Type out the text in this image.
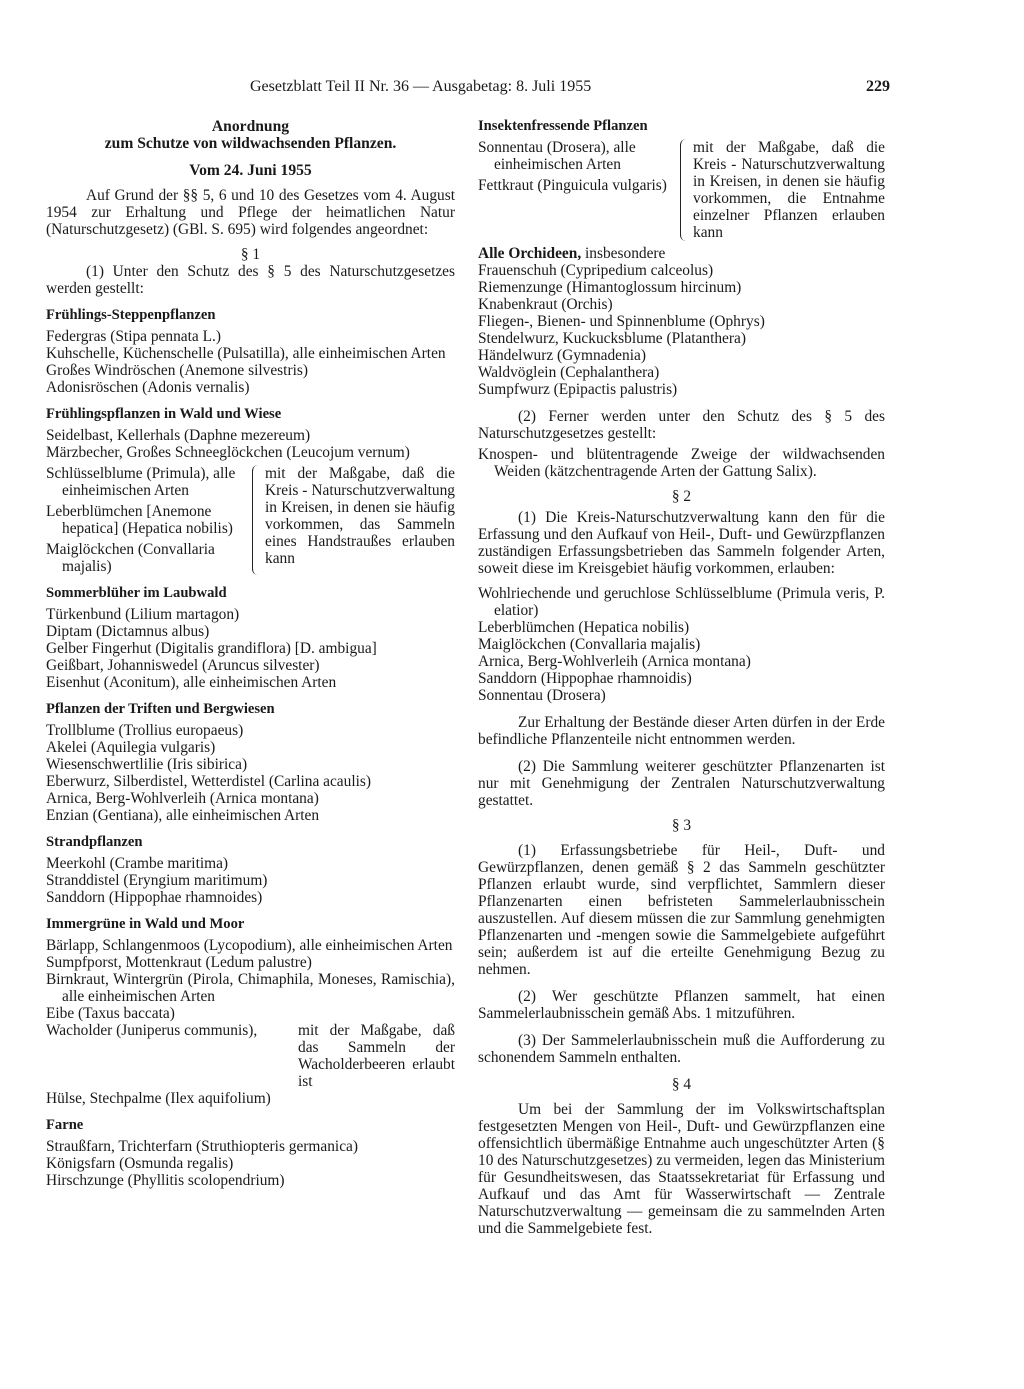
Gesetzblatt Teil II Nr. 36 — Ausgabetag: 8. Juli 1955	229

Anordnung

zum Schutze von wildwachsenden Pflanzen.

Vom 24. Juni 1955

Auf Grund der §§ 5, 6 und 10 des Gesetzes vom 4. August 1954 zur Erhaltung und Pflege der heimatlichen Natur (Naturschutzgesetz) (GBl. S. 695) wird folgendes angeordnet:

§ 1

(1) Unter den Schutz des § 5 des Naturschutzgesetzes werden gestellt:

Frühlings-Steppenpflanzen

Federgras (Stipa pennata L.)

Kuhschelle, Küchenschelle (Pulsatilla), alle einheimischen Arten

Großes Windröschen (Anemone silvestris)

Adonisröschen (Adonis vernalis)

Frühlingspflanzen in Wald und Wiese

Seidelbast, Kellerhals (Daphne mezereum)

Märzbecher, Großes Schneeglöckchen (Leucojum vernum)

Schlüsselblume (Primula), alle einheimischen Arten

Leberblümchen [Anemone hepatica] (Hepatica nobilis)

Maiglöckchen (Convallaria majalis)

mit der Maßgabe, daß die Kreis - Naturschutzverwaltung in Kreisen, in denen sie häufig vorkommen, das Sammeln eines Handstraußes erlauben kann

Sommerblüher im Laubwald

Türkenbund (Lilium martagon)

Diptam (Dictamnus albus)

Gelber Fingerhut (Digitalis grandiflora) [D. ambigua]

Geißbart, Johanniswedel (Aruncus silvester)

Eisenhut (Aconitum), alle einheimischen Arten

Pflanzen der Triften und Bergwiesen

Trollblume (Trollius europaeus)

Akelei (Aquilegia vulgaris)

Wiesenschwertlilie (Iris sibirica)

Eberwurz, Silberdistel, Wetterdistel (Carlina acaulis)

Arnica, Berg-Wohlverleih (Arnica montana)

Enzian (Gentiana), alle einheimischen Arten

Strandpflanzen

Meerkohl (Crambe maritima)

Stranddistel (Eryngium maritimum)

Sanddorn (Hippophae rhamnoides)

Immergrüne in Wald und Moor

Bärlapp, Schlangenmoos (Lycopodium), alle einheimischen Arten

Sumpfporst, Mottenkraut (Ledum palustre)

Birnkraut, Wintergrün (Pirola, Chimaphila, Moneses, Ramischia), alle einheimischen Arten

Eibe (Taxus baccata)

Wacholder (Juniperus communis),	mit der Maßgabe, daß das Sammeln der Wacholderbeeren erlaubt ist

Hülse, Stechpalme (Ilex aquifolium)

Farne

Straußfarn, Trichterfarn (Struthiopteris germanica)

Königsfarn (Osmunda regalis)

Hirschzunge (Phyllitis scolopendrium)

Insektenfressende Pflanzen

Sonnentau (Drosera), alle einheimischen Arten

Fettkraut (Pinguicula vulgaris)

mit der Maßgabe, daß die Kreis - Naturschutzverwaltung in Kreisen, in denen sie häufig vorkommen, die Entnahme einzelner Pflanzen erlauben kann

Alle Orchideen, insbesondere

Frauenschuh (Cypripedium calceolus)

Riemenzunge (Himantoglossum hircinum)

Knabenkraut (Orchis)

Fliegen-, Bienen- und Spinnenblume (Ophrys)

Stendelwurz, Kuckucksblume (Platanthera)

Händelwurz (Gymnadenia)

Waldvöglein (Cephalanthera)

Sumpfwurz (Epipactis palustris)

(2) Ferner werden unter den Schutz des § 5 des Naturschutzgesetzes gestellt:

Knospen- und blütentragende Zweige der wildwachsenden Weiden (kätzchentragende Arten der Gattung Salix).

§ 2

(1) Die Kreis-Naturschutzverwaltung kann den für die Erfassung und den Aufkauf von Heil-, Duft- und Gewürzpflanzen zuständigen Erfassungsbetrieben das Sammeln folgender Arten, soweit diese im Kreisgebiet häufig vorkommen, erlauben:

Wohlriechende und geruchlose Schlüsselblume (Primula veris, P. elatior)

Leberblümchen (Hepatica nobilis)

Maiglöckchen (Convallaria majalis)

Arnica, Berg-Wohlverleih (Arnica montana)

Sanddorn (Hippophae rhamnoidis)

Sonnentau (Drosera)

Zur Erhaltung der Bestände dieser Arten dürfen in der Erde befindliche Pflanzenteile nicht entnommen werden.

(2) Die Sammlung weiterer geschützter Pflanzenarten ist nur mit Genehmigung der Zentralen Naturschutzverwaltung gestattet.

§ 3

(1) Erfassungsbetriebe für Heil-, Duft- und Gewürzpflanzen, denen gemäß § 2 das Sammeln geschützter Pflanzen erlaubt wurde, sind verpflichtet, Sammlern dieser Pflanzenarten einen befristeten Sammelerlaubnisschein auszustellen. Auf diesem müssen die zur Sammlung genehmigten Pflanzenarten und -mengen sowie die Sammelgebiete aufgeführt sein; außerdem ist auf die erteilte Genehmigung Bezug zu nehmen.

(2) Wer geschützte Pflanzen sammelt, hat einen Sammelerlaubnisschein gemäß Abs. 1 mitzuführen.

(3) Der Sammelerlaubnisschein muß die Aufforderung zu schonendem Sammeln enthalten.

§ 4

Um bei der Sammlung der im Volkswirtschaftsplan festgesetzten Mengen von Heil-, Duft- und Gewürzpflanzen eine offensichtlich übermäßige Entnahme auch ungeschützter Arten (§ 10 des Naturschutzgesetzes) zu vermeiden, legen das Ministerium für Gesundheitswesen, das Staatssekretariat für Erfassung und Aufkauf und das Amt für Wasserwirtschaft — Zentrale Naturschutzverwaltung — gemeinsam die zu sammelnden Arten und die Sammelgebiete fest.
